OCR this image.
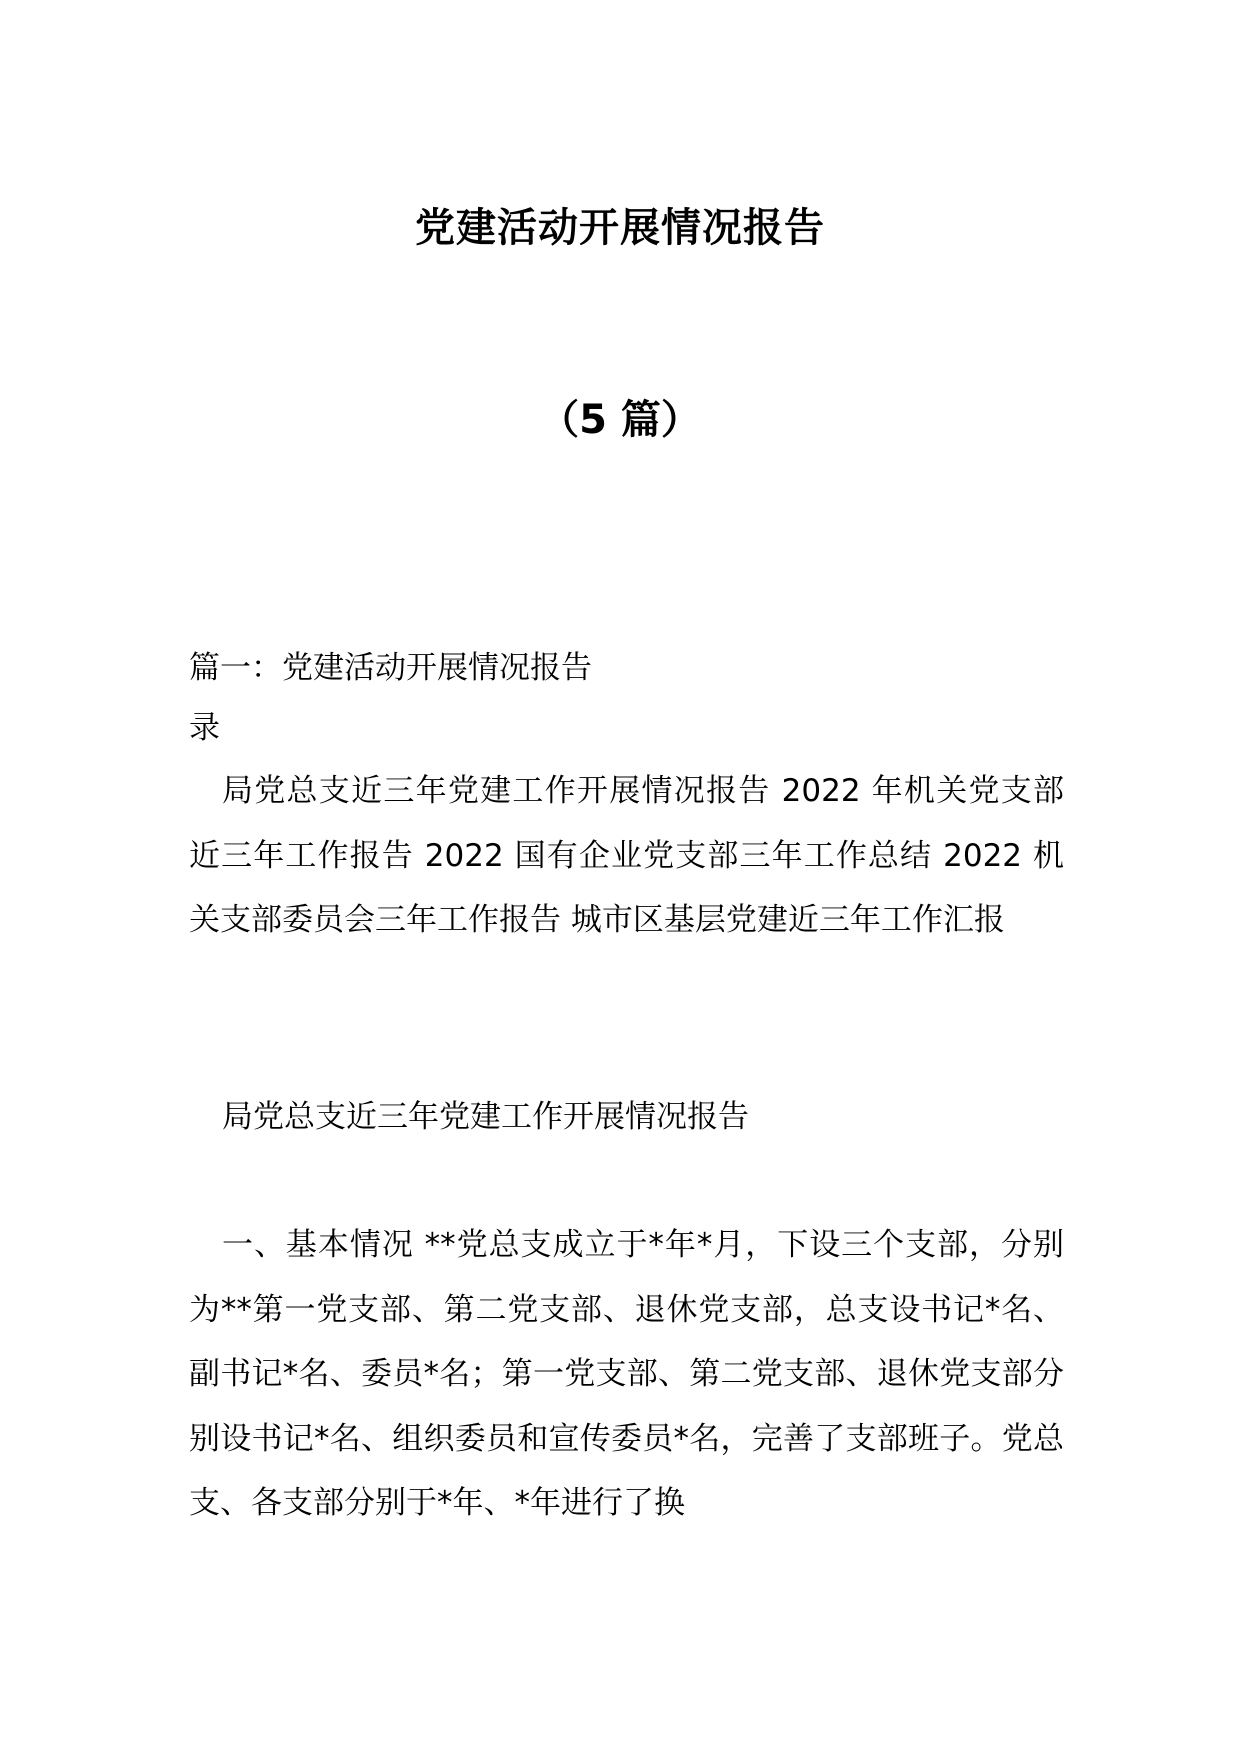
党建活动开展情况报告
（5 篇）
篇一：党建活动开展情况报告
录
局党总支近三年党建工作开展情况报告 2022 年机关党支部近三年工作报告 2022 国有企业党支部三年工作总结 2022 机关支部委员会三年工作报告 城市区基层党建近三年工作汇报
局党总支近三年党建工作开展情况报告
一、基本情况 **党总支成立于*年*月，下设三个支部，分别为**第一党支部、第二党支部、退休党支部，总支设书记*名、副书记*名、委员*名；第一党支部、第二党支部、退休党支部分别设书记*名、组织委员和宣传委员*名，完善了支部班子。党总支、各支部分别于*年、*年进行了换
